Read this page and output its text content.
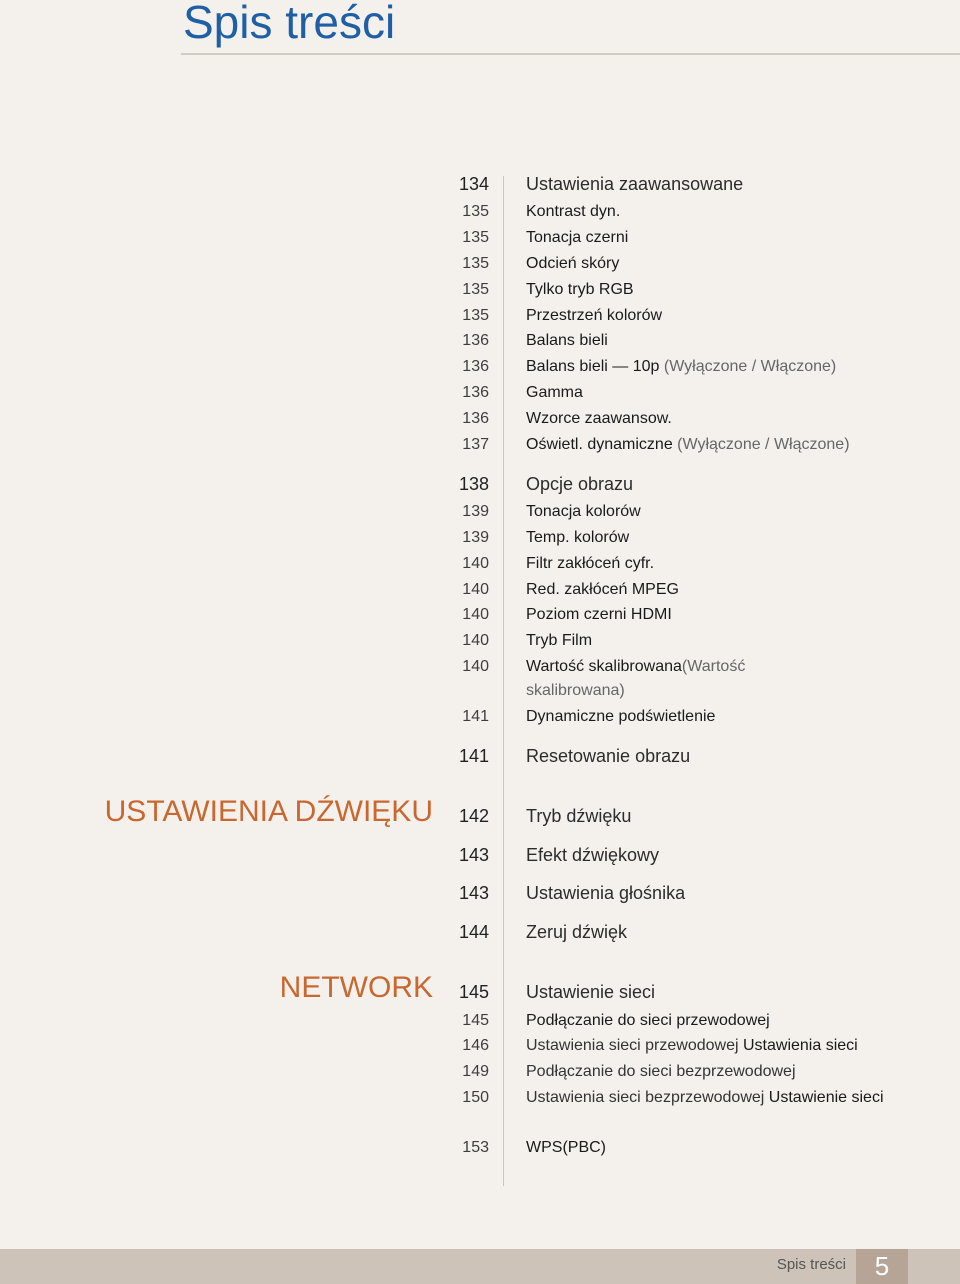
Spis treści
USTAWIENIA DŹWIĘKU
NETWORK
134 Ustawienia zaawansowane
135 Kontrast dyn.
135 Tonacja czerni
135 Odcień skóry
135 Tylko tryb RGB
135 Przestrzeń kolorów
136 Balans bieli
136 Balans bieli — 10p (Wyłączone / Włączone)
136 Gamma
136 Wzorce zaawansow.
137 Oświetl. dynamiczne (Wyłączone / Włączone)
138 Opcje obrazu
139 Tonacja kolorów
139 Temp. kolorów
140 Filtr zakłóceń cyfr.
140 Red. zakłóceń MPEG
140 Poziom czerni HDMI
140 Tryb Film
140 Wartość skalibrowana(Wartość skalibrowana)
141 Dynamiczne podświetlenie
141 Resetowanie obrazu
142 Tryb dźwięku
143 Efekt dźwiękowy
143 Ustawienia głośnika
144 Zeruj dźwięk
145 Ustawienie sieci
145 Podłączanie do sieci przewodowej
146 Ustawienia sieci przewodowej Ustawienia sieci
149 Podłączanie do sieci bezprzewodowej
150 Ustawienia sieci bezprzewodowej Ustawienie sieci
153 WPS(PBC)
Spis treści	5
